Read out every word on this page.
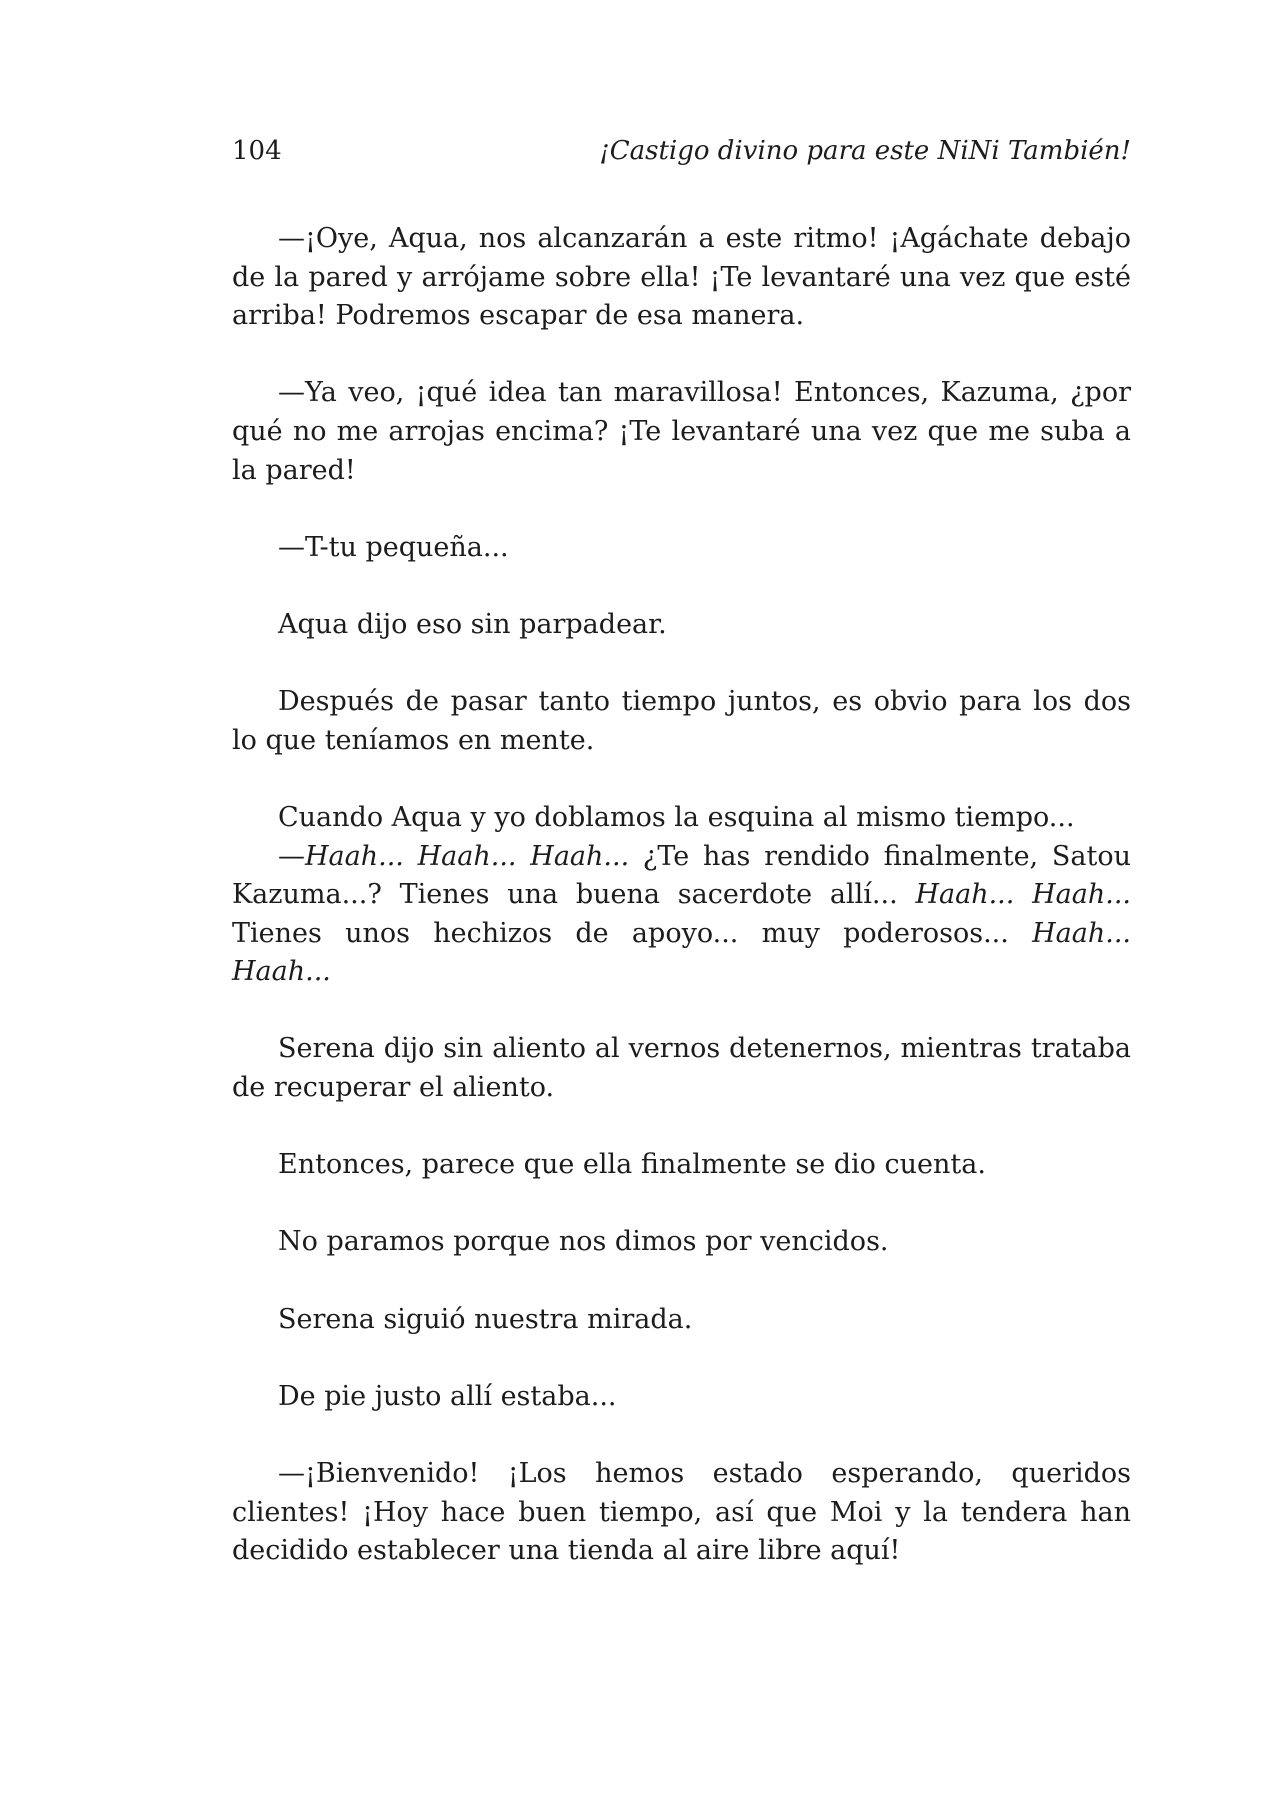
104	¡Castigo divino para este NiNi También!

—¡Oye, Aqua, nos alcanzarán a este ritmo! ¡Agáchate debajo de la pared y arrójame sobre ella! ¡Te levantaré una vez que esté arriba! Podremos escapar de esa manera.

—Ya veo, ¡qué idea tan maravillosa! Entonces, Kazuma, ¿por qué no me arrojas encima? ¡Te levantaré una vez que me suba a la pared!

—T-tu pequeña...

Aqua dijo eso sin parpadear.

Después de pasar tanto tiempo juntos, es obvio para los dos lo que teníamos en mente.

Cuando Aqua y yo doblamos la esquina al mismo tiempo...

—Haah... Haah... Haah... ¿Te has rendido finalmente, Satou Kazuma...? Tienes una buena sacerdote allí... Haah... Haah... Tienes unos hechizos de apoyo... muy poderosos... Haah... Haah...

Serena dijo sin aliento al vernos detenernos, mientras trataba de recuperar el aliento.

Entonces, parece que ella finalmente se dio cuenta.

No paramos porque nos dimos por vencidos.

Serena siguió nuestra mirada.

De pie justo allí estaba...

—¡Bienvenido! ¡Los hemos estado esperando, queridos clientes! ¡Hoy hace buen tiempo, así que Moi y la tendera han decidido establecer una tienda al aire libre aquí!
